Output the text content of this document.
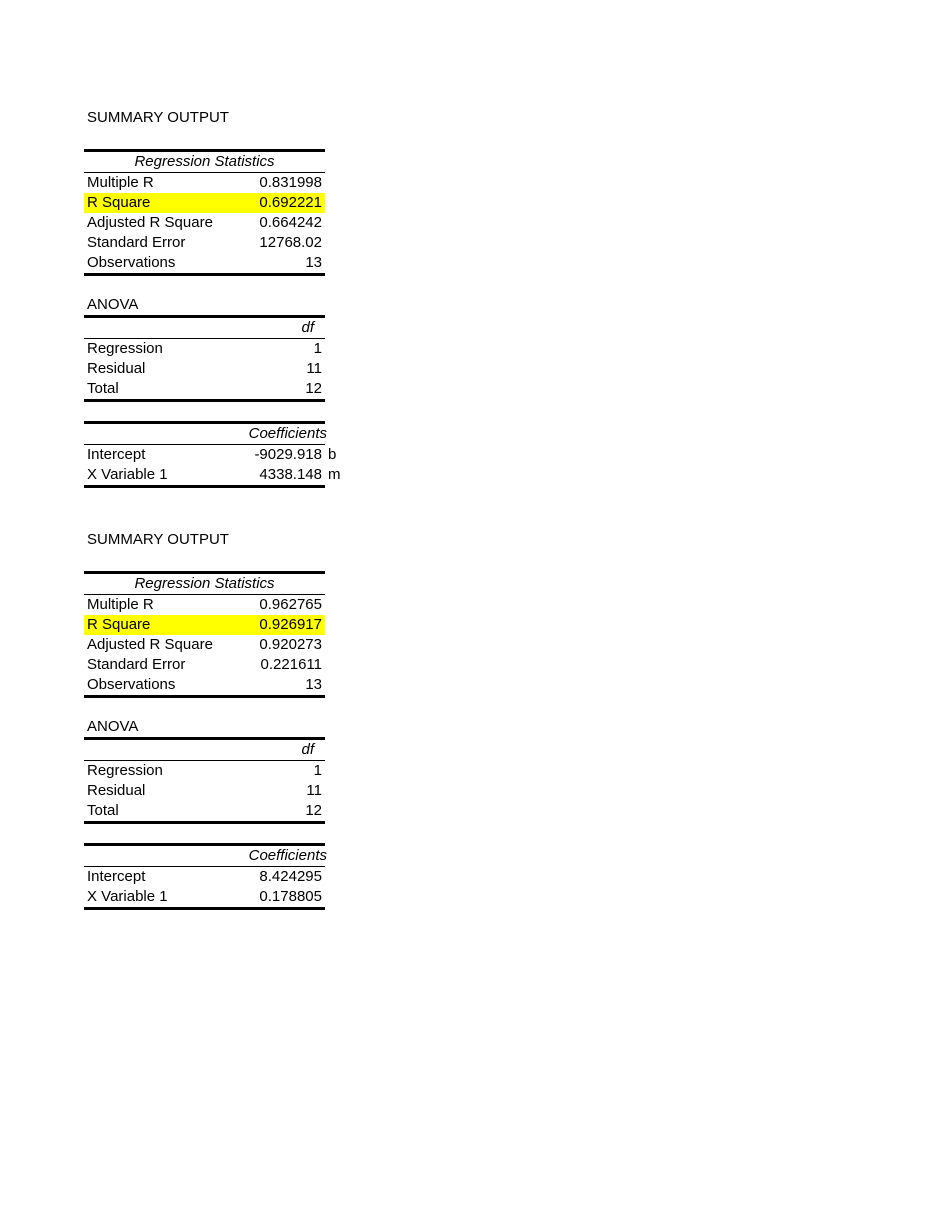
SUMMARY OUTPUT
Regression Statistics
Multiple R	0.831998
R Square	0.692221
Adjusted R Square	0.664242
Standard Error	12768.02
Observations	13
ANOVA
df
Regression	1
Residual	11
Total	12
Coefficients
Intercept	-9029.918 b
X Variable 1	4338.148 m
SUMMARY OUTPUT
Regression Statistics
Multiple R	0.962765
R Square	0.926917
Adjusted R Square	0.920273
Standard Error	0.221611
Observations	13
ANOVA
df
Regression	1
Residual	11
Total	12
Coefficients
Intercept	8.424295
X Variable 1	0.178805
